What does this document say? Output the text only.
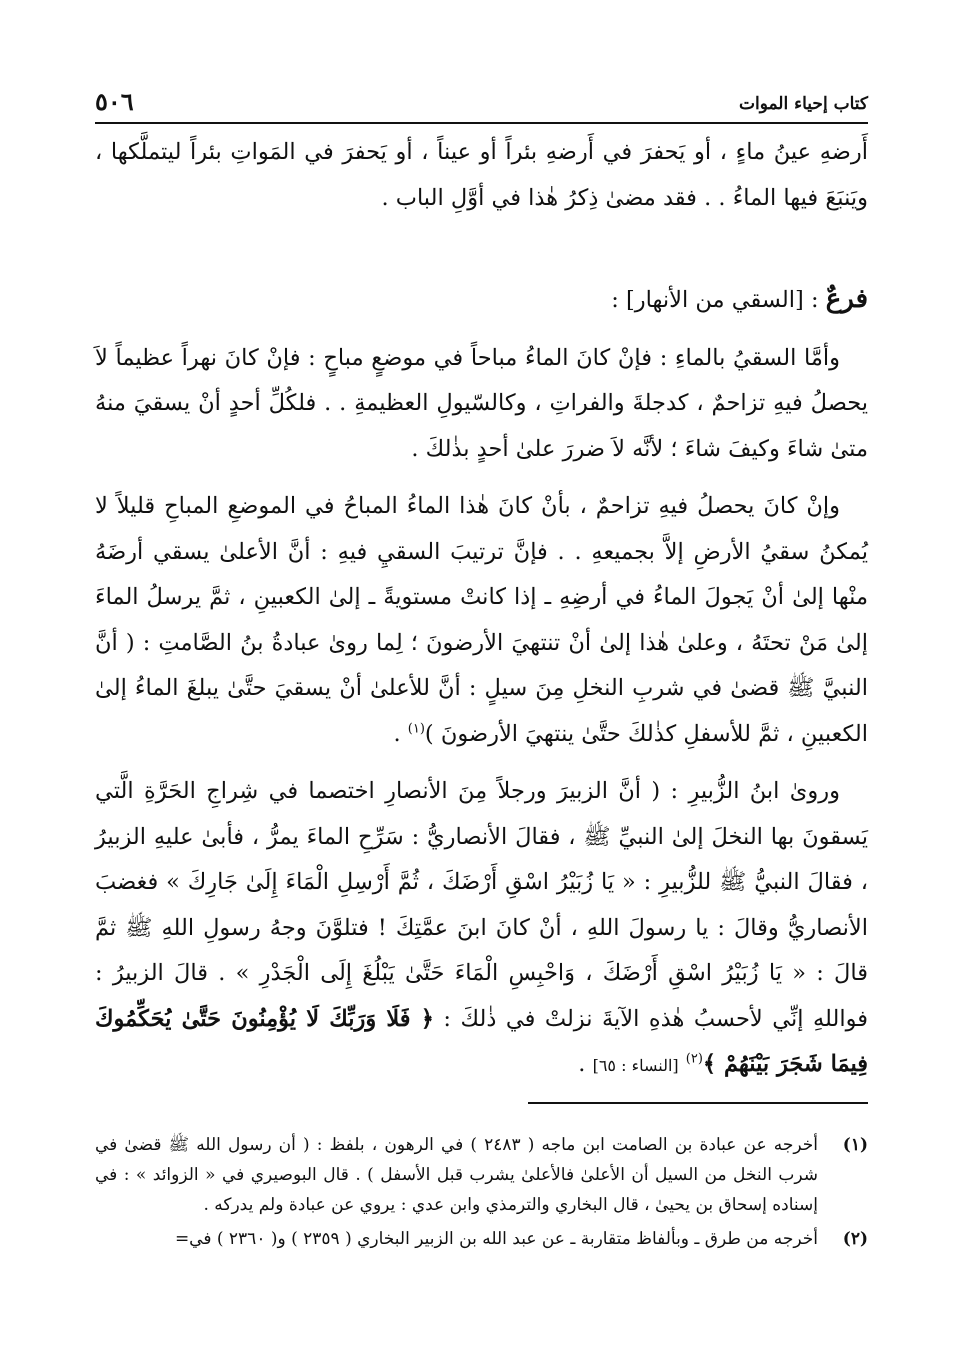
كتاب إحياء الموات
٥٠٦

أَرضهِ عينُ ماءٍ ، أو يَحفرَ في أَرضهِ بئراً أو عيناً ، أو يَحفرَ في المَواتِ بئراً ليتملَّكها ، ويَنبَعَ فيها الماءُ . . فقد مضىٰ ذِكرُ هٰذا في أوَّلِ الباب .

فرعٌ : [السقي من الأنهار] :

وأمَّا السقيُ بالماءِ : فإنْ كانَ الماءُ مباحاً في موضعٍ مباحٍ : فإنْ كانَ نهراً عظيماً لاَ يحصلُ فيهِ تزاحمٌ ، كدجلةَ والفراتِ ، وكالسّيولِ العظيمةِ . . فلكُلِّ أحدٍ أنْ يسقيَ منهُ متىٰ شاءَ وكيفَ شاءَ ؛ لأنَّه لاَ ضررَ علىٰ أحدٍ بذٰلكَ .

وإنْ كانَ يحصلُ فيهِ تزاحمٌ ، بأنْ كانَ هٰذا الماءُ المباحُ في الموضعِ المباحِ قليلاً لا يُمكنُ سقيُ الأرضِ إلاَّ بجميعهِ . . فإنَّ ترتيبَ السقيِ فيهِ : أنَّ الأعلىٰ يسقي أرضَهُ منْها إلىٰ أنْ يَجولَ الماءُ في أرضِهِ ـ إذا كانتْ مستويةً ـ إلىٰ الكعبينِ ، ثمَّ يرسلُ الماءَ إلىٰ مَنْ تحتَهُ ، وعلىٰ هٰذا إلىٰ أنْ تنتهيَ الأرضونَ ؛ لِما روىٰ عبادةُ بنُ الصَّامتِ : ( أنَّ النبيَّ ﷺ قضىٰ في شربِ النخلِ مِنَ سيلٍ : أنَّ للأعلىٰ أنْ يسقيَ حتَّىٰ يبلغَ الماءُ إلىٰ الكعبينِ ، ثمَّ للأسفلِ كذٰلكَ حتَّىٰ ينتهيَ الأرضونَ )$^{(١)}$ .

وروىٰ ابنُ الزُّبيرِ : ( أنَّ الزبيرَ ورجلاً مِنَ الأنصارِ اختصما في شِراجِ الحَرَّةِ الَّتي يَسقونَ بها النخلَ إلىٰ النبيِّ ﷺ ، فقالَ الأنصاريُّ : سَرِّحِ الماءَ يمرُّ ، فأبىٰ عليهِ الزبيرُ ، فقالَ النبيُّ ﷺ للزُّبيرِ : « يَا زُبَيْرُ اسْقِ أَرْضَكَ ، ثُمَّ أَرْسِلِ الْمَاءَ إِلَىٰ جَارِكَ » فغضبَ الأنصاريُّ وقالَ : يا رسولَ اللهِ ، أنْ كانَ ابنَ عمَّتِكَ ! فتلوَّنَ وجهُ رسولِ اللهِ ﷺ ثمَّ قالَ : « يَا زُبَيْرُ اسْقِ أَرْضَكَ ، وَاحْبِسِ الْمَاءَ حَتَّىٰ يَبْلُغَ إِلَى الْجَدْرِ » . قالَ الزبيرُ : فواللهِ إنِّي لأحسبُ هٰذهِ الآيةَ نزلتْ في ذٰلكَ : ﴿ فَلَا وَرَبِّكَ لَا يُؤْمِنُونَ حَتَّىٰ يُحَكِّمُوكَ فِيمَا شَجَرَ بَيْنَهُمْ ﴾$^{(٢)}$ [النساء : ٦٥] .

(١)
أخرجه عن عبادة بن الصامت ابن ماجه ( ٢٤٨٣ ) في الرهون ، بلفظ : ( أن رسول الله ﷺ قضىٰ في شرب النخل من السيل أن الأعلىٰ فالأعلىٰ يشرب قبل الأسفل ) . قال البوصيري في « الزوائد » : في إسناده إسحاق بن يحيىٰ ، قال البخاري والترمذي وابن عدي : يروي عن عبادة ولم يدركه .
(٢)
أخرجه من طرق ـ وبألفاظ متقاربة ـ عن عبد الله بن الزبير البخاري ( ٢٣٥٩ ) و( ٢٣٦٠ ) في=
